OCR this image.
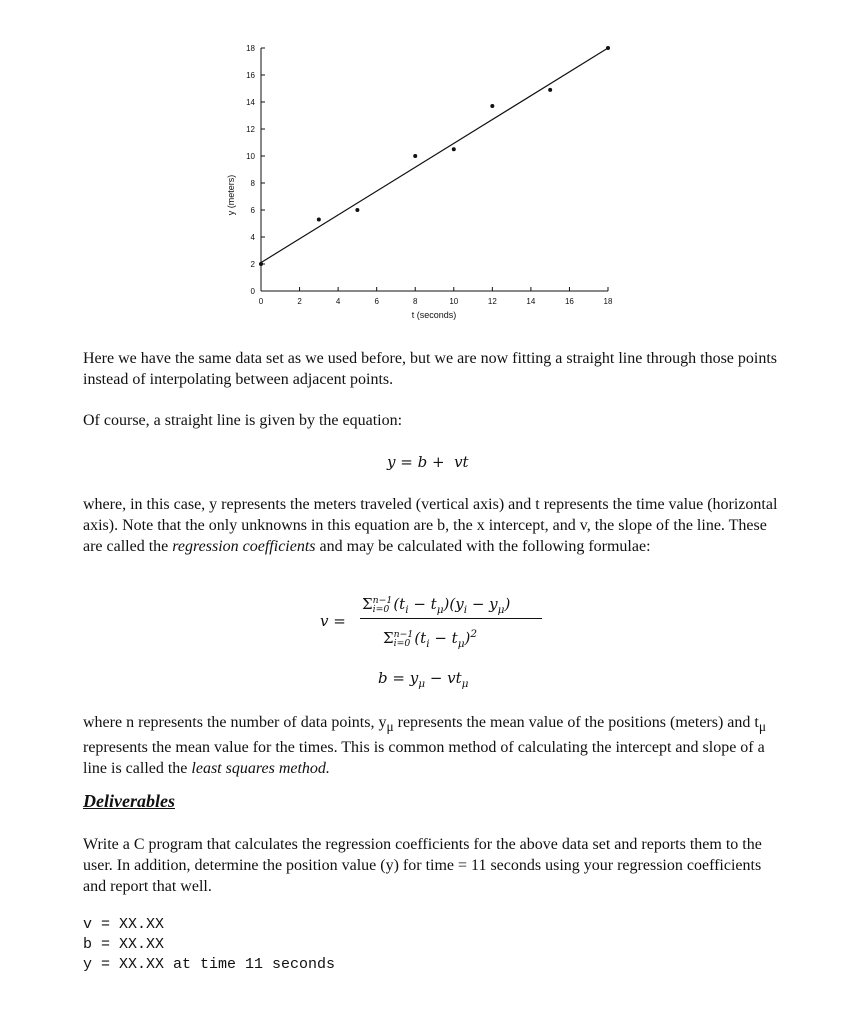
y (meters)
t (seconds)
0	2	4	6	8	10	12	14	16	18
0
2
4
6
8
10
12
14
16
18

Here we have the same data set as we used before, but we are now fitting a straight line through those points instead of interpolating between adjacent points.

Of course, a straight line is given by the equation:

y = b +  vt

where, in this case, y represents the meters traveled (vertical axis) and t represents the time value (horizontal axis). Note that the only unknowns in this equation are b, the x intercept, and v, the slope of the line. These are called the regression coefficients and may be calculated with the following formulae:

v =
Σ n−1
i=0 $(t_i - t_\mu)(y_i - y_\mu)$
Σ n−1
i=0 $(t_i - t_\mu)^2$
$b = y_\mu - vt_\mu$

where n represents the number of data points, $y_\mu$ represents the mean value of the positions (meters) and $t_\mu$ represents the mean value for the times. This is common method of calculating the intercept and slope of a line is called the least squares method.

Deliverables

Write a C program that calculates the regression coefficients for the above data set and reports them to the user. In addition, determine the position value (y) for time = 11 seconds using your regression coefficients and report that well.

v = XX.XX
b = XX.XX
y = XX.XX at time 11 seconds
